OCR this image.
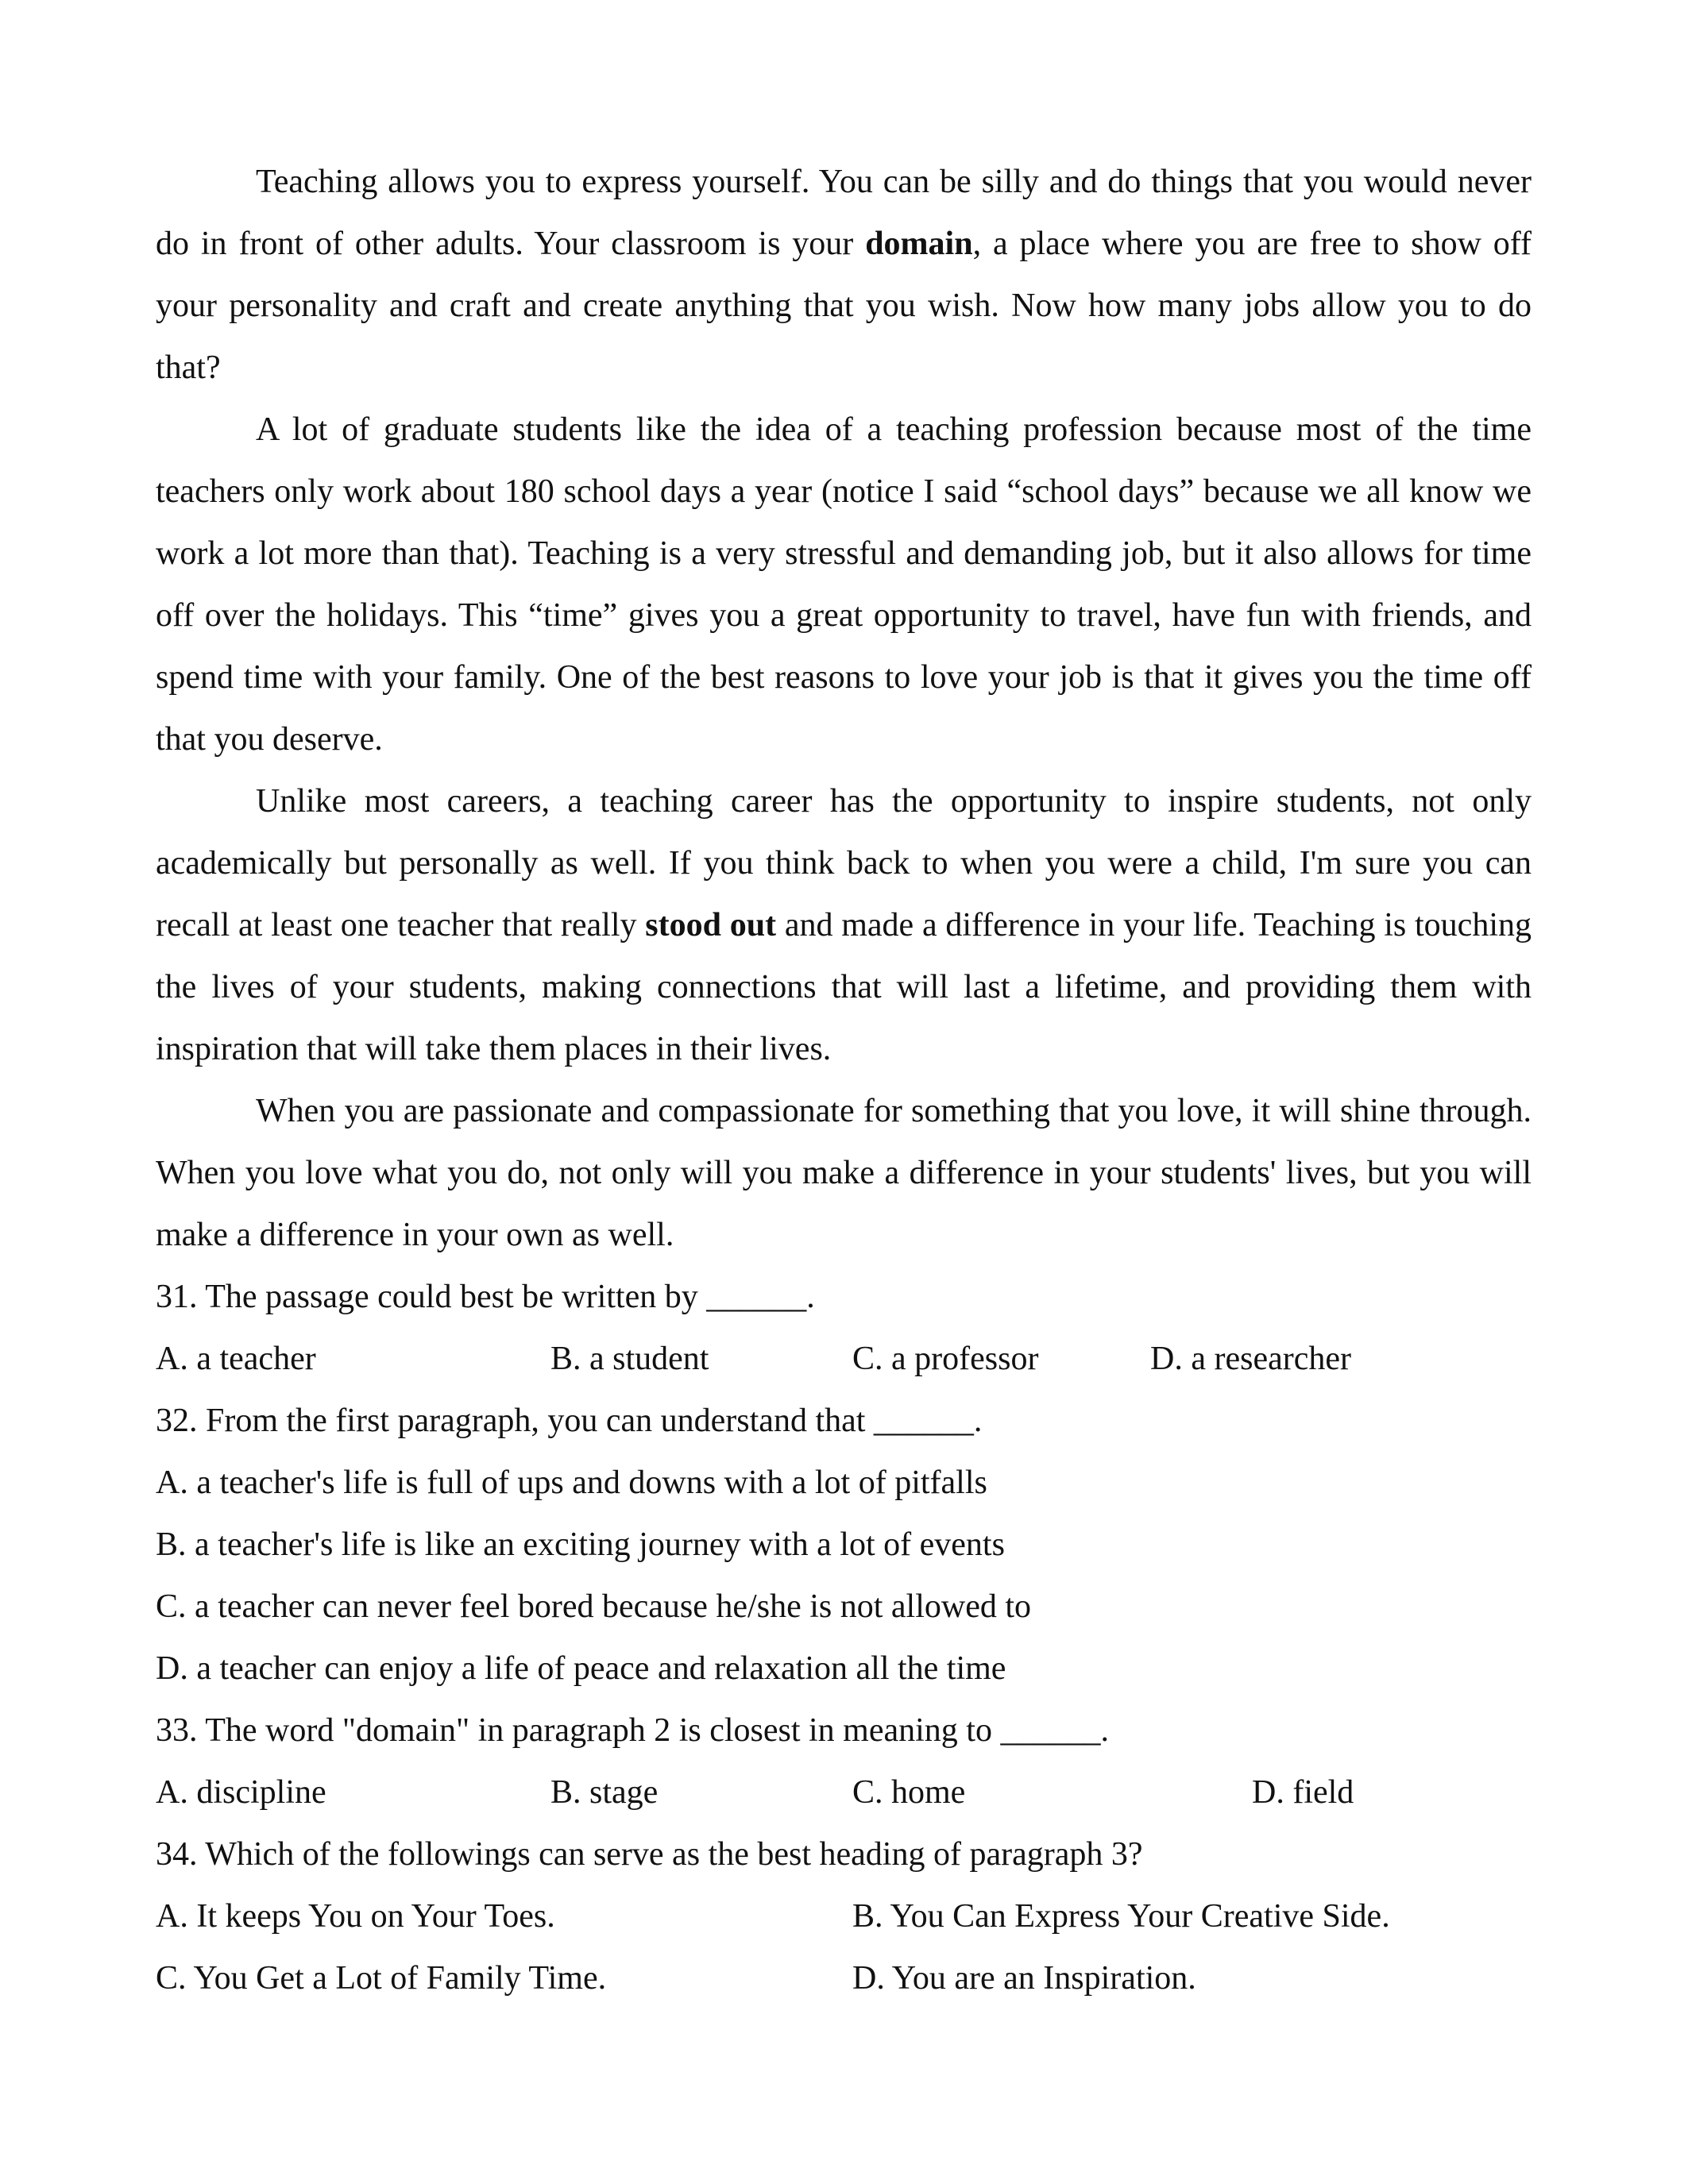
Teaching allows you to express yourself. You can be silly and do things that you would never do in front of other adults. Your classroom is your domain, a place where you are free to show off your personality and craft and create anything that you wish. Now how many jobs allow you to do that?

A lot of graduate students like the idea of a teaching profession because most of the time teachers only work about 180 school days a year (notice I said “school days” because we all know we work a lot more than that). Teaching is a very stressful and demanding job, but it also allows for time off over the holidays. This “time” gives you a great opportunity to travel, have fun with friends, and spend time with your family. One of the best reasons to love your job is that it gives you the time off that you deserve.

Unlike most careers, a teaching career has the opportunity to inspire students, not only academically but personally as well. If you think back to when you were a child, I'm sure you can recall at least one teacher that really stood out and made a difference in your life. Teaching is touching the lives of your students, making connections that will last a lifetime, and providing them with inspiration that will take them places in their lives.

When you are passionate and compassionate for something that you love, it will shine through. When you love what you do, not only will you make a difference in your students' lives, but you will make a difference in your own as well.

31. The passage could best be written by ______.

A. a teacher	B. a student	C. a professor	D. a researcher

32. From the first paragraph, you can understand that ______.

A. a teacher's life is full of ups and downs with a lot of pitfalls

B. a teacher's life is like an exciting journey with a lot of events

C. a teacher can never feel bored because he/she is not allowed to

D. a teacher can enjoy a life of peace and relaxation all the time

33. The word "domain" in paragraph 2 is closest in meaning to ______.

A. discipline	B. stage	C. home	D. field

34. Which of the followings can serve as the best heading of paragraph 3?

A. It keeps You on Your Toes.	B. You Can Express Your Creative Side.
C. You Get a Lot of Family Time.	D. You are an Inspiration.
